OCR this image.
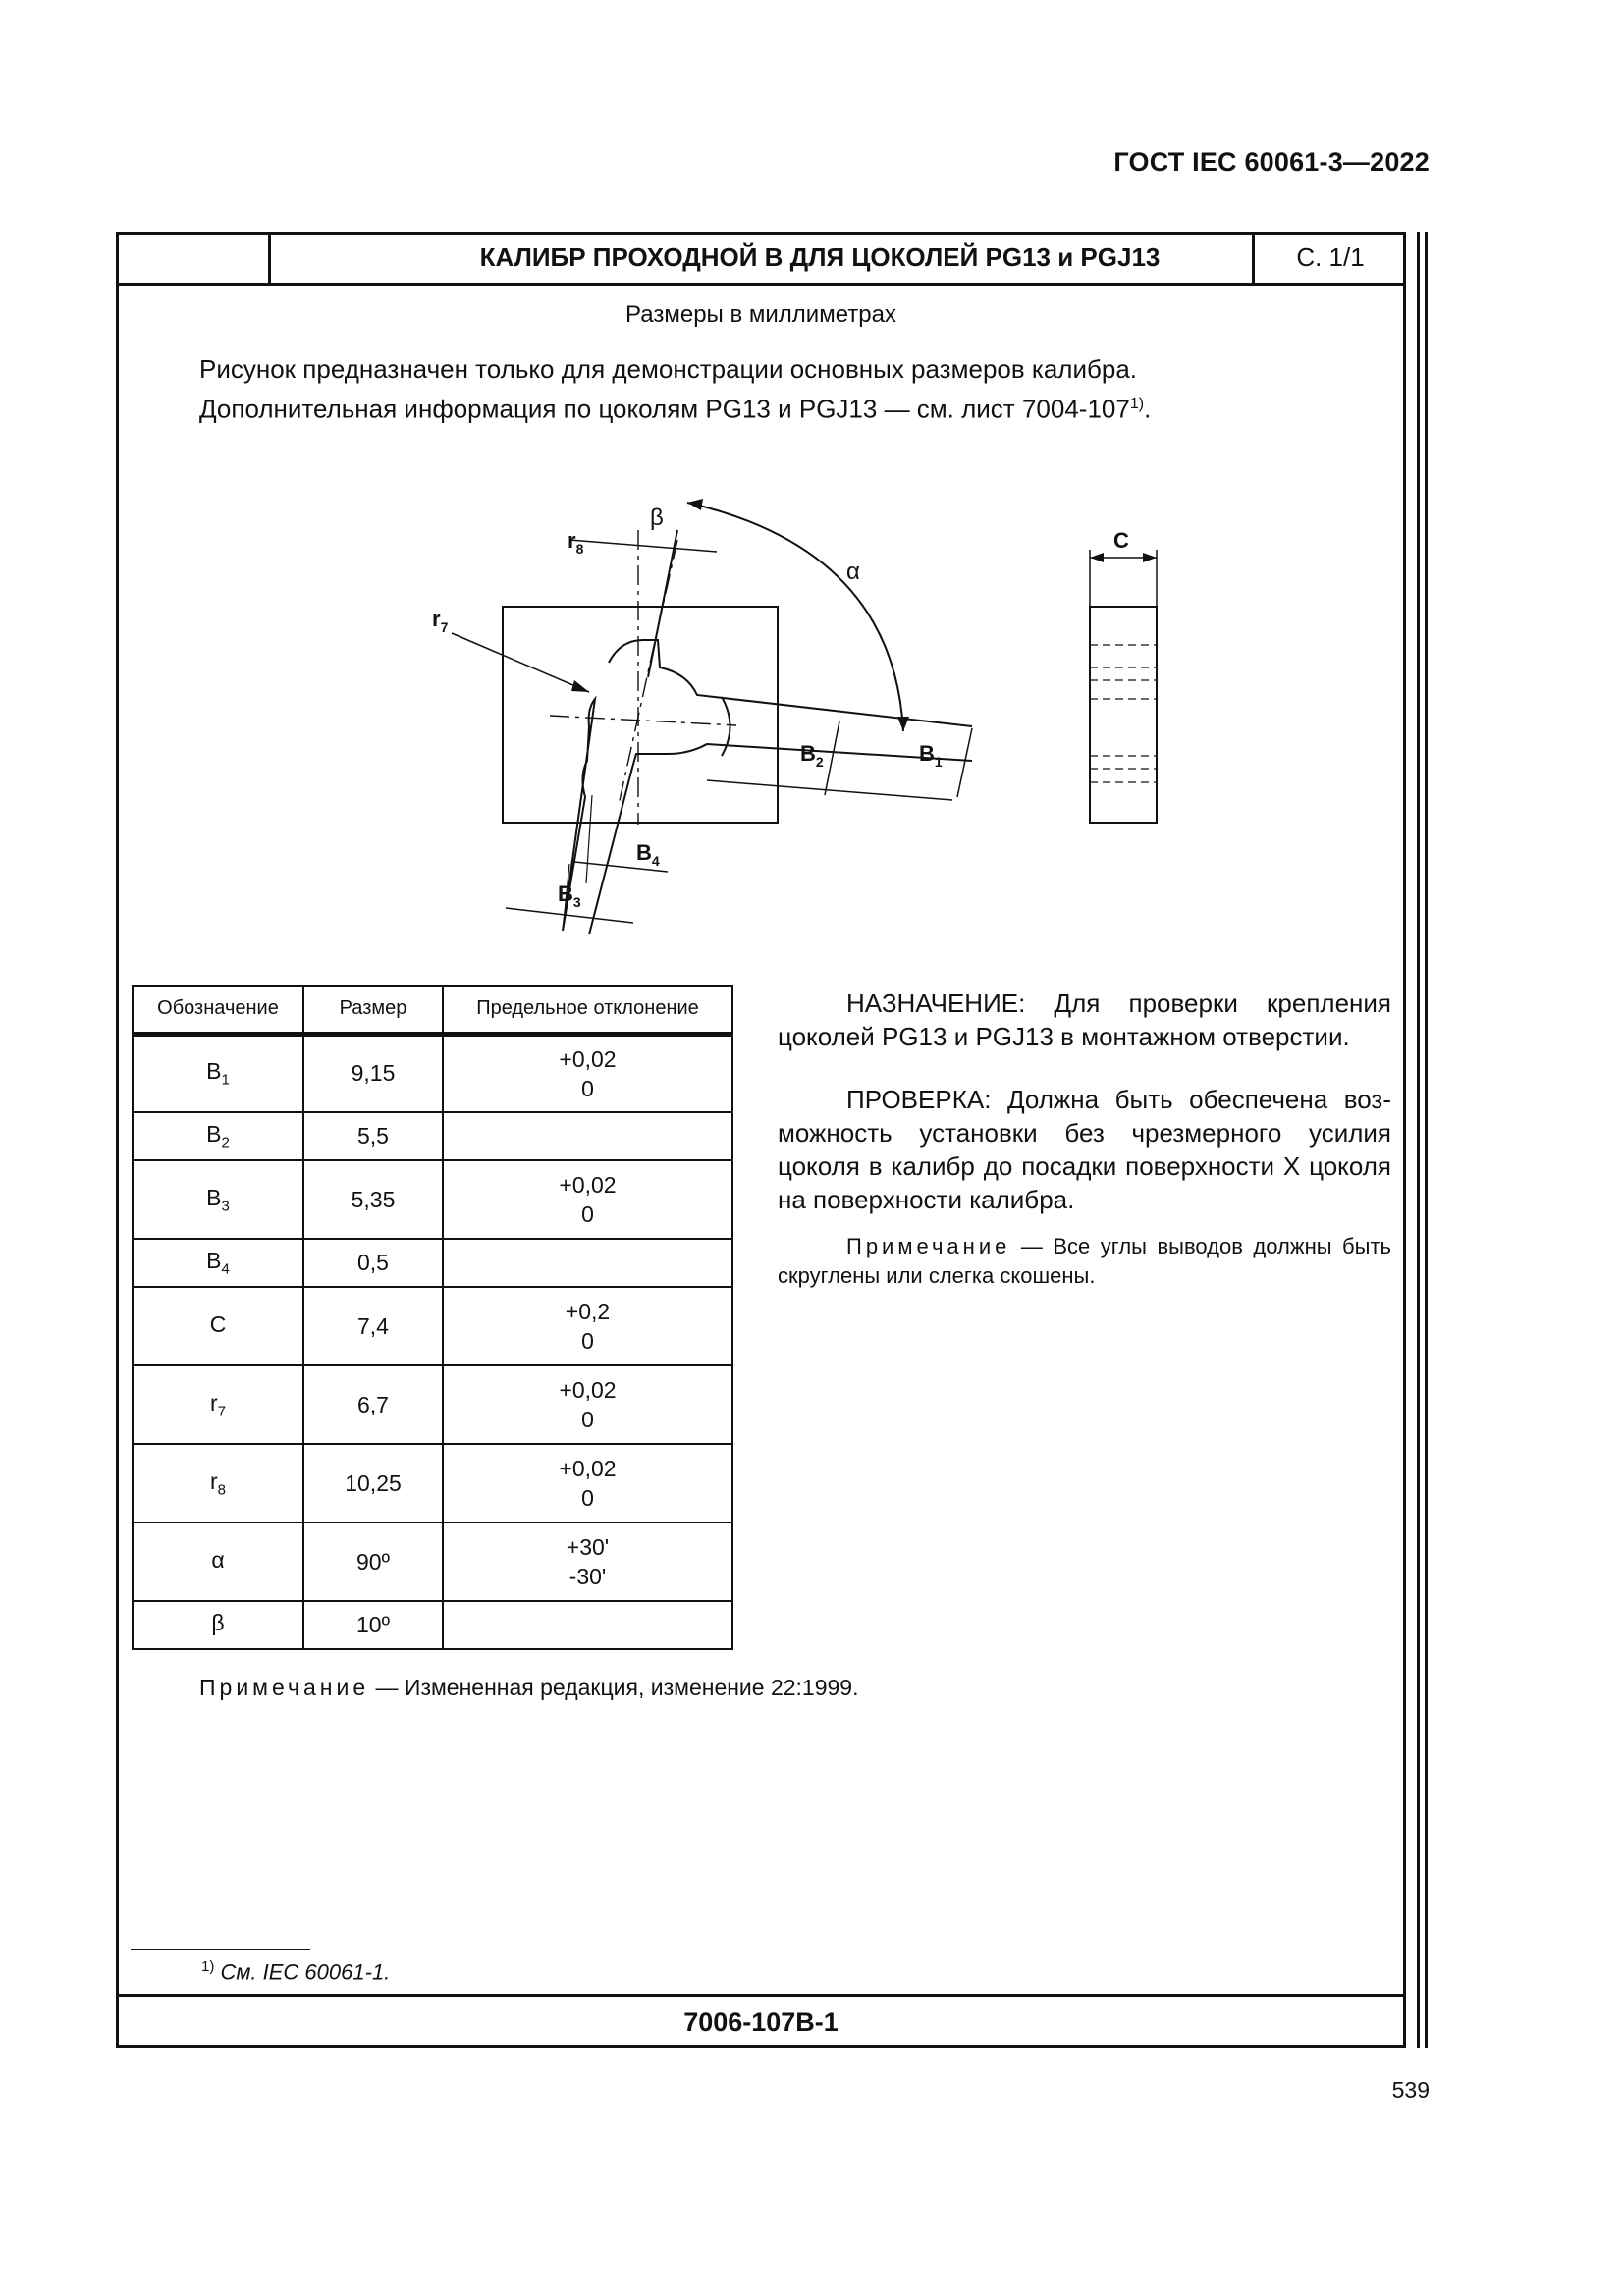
ГОСТ IEC 60061-3—2022
КАЛИБР ПРОХОДНОЙ В ДЛЯ ЦОКОЛЕЙ PG13 и PGJ13	С. 1/1
Размеры в миллиметрах
Рисунок предназначен только для демонстрации основных размеров калибра.
Дополнительная информация по цоколям PG13 и PGJ13 — см. лист 7004-107$^{1)}$.
$r_8$
β
α
$r_7$
C
$B_1$
$B_2$
$B_3$
$B_4$
Обозначение	Размер	Предельное отклонение
$B_1$	9,15	+0,02
0

$B_2$	5,5	

$B_3$	5,35	+0,02
0

$B_4$	0,5	

C	7,4	+0,2
0

$r_7$	6,7	+0,02
0

$r_8$	10,25	+0,02
0

α	90º	+30'
-30'

β	10º	

НАЗНАЧЕНИЕ: Для проверки крепления цоколей PG13 и PGJ13 в монтажном отверстии.

ПРОВЕРКА: Должна быть обеспечена воз-можность установки без чрезмерного усилия цоколя в калибр до посадки поверхности X цоколя на поверхности калибра.

Примечание — Все углы выводов должны быть скруглены или слегка скошены.
Примечание — Измененная редакция, изменение 22:1999.
$^{1)}$ См. IEC 60061-1.
7006-107B-1
539
